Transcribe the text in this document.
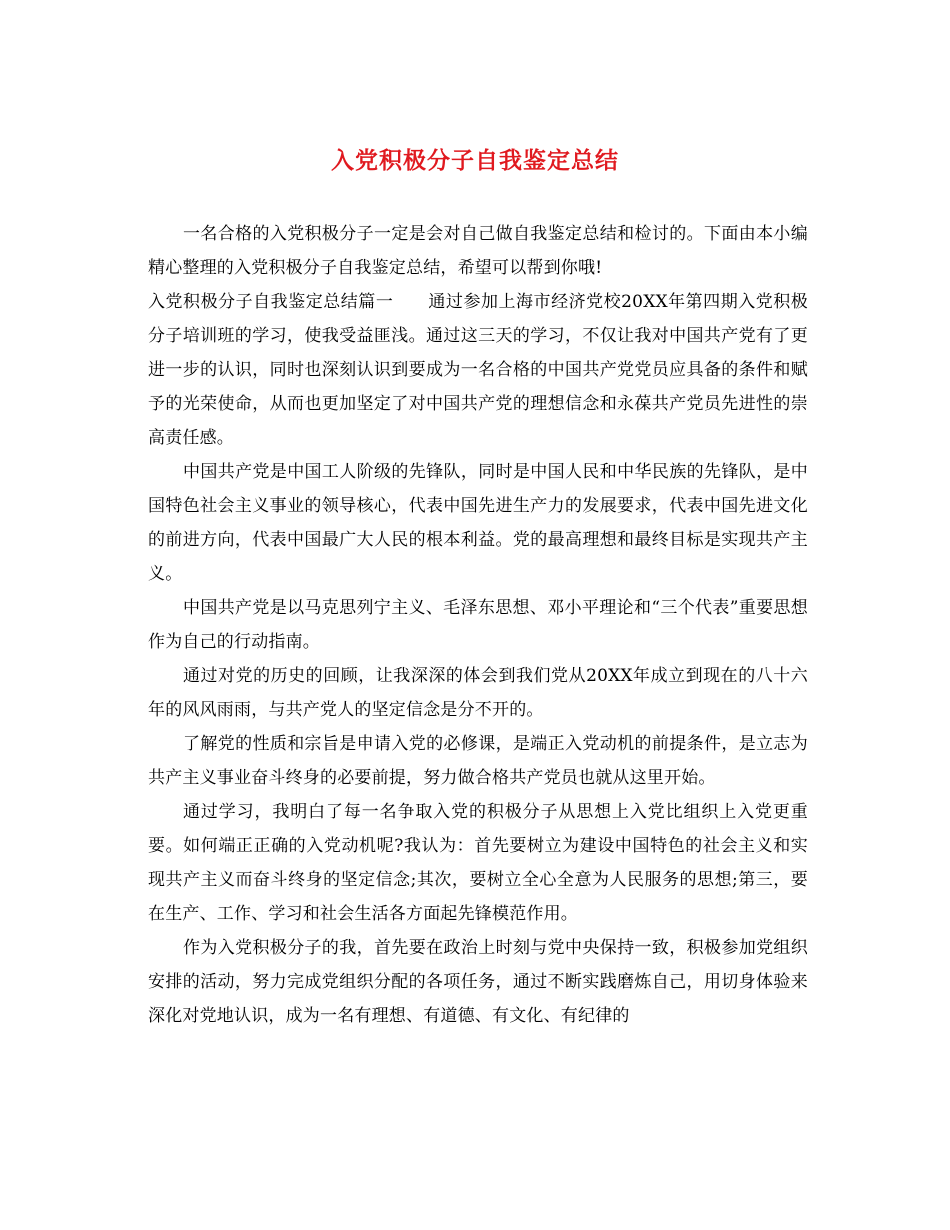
入党积极分子自我鉴定总结

一名合格的入党积极分子一定是会对自己做自我鉴定总结和检讨的。下面由本小编精心整理的入党积极分子自我鉴定总结，希望可以帮到你哦!

入党积极分子自我鉴定总结篇一　　通过参加上海市经济党校20XX年第四期入党积极分子培训班的学习，使我受益匪浅。通过这三天的学习，不仅让我对中国共产党有了更进一步的认识，同时也深刻认识到要成为一名合格的中国共产党党员应具备的条件和赋予的光荣使命，从而也更加坚定了对中国共产党的理想信念和永葆共产党员先进性的崇高责任感。

中国共产党是中国工人阶级的先锋队，同时是中国人民和中华民族的先锋队，是中国特色社会主义事业的领导核心，代表中国先进生产力的发展要求，代表中国先进文化的前进方向，代表中国最广大人民的根本利益。党的最高理想和最终目标是实现共产主义。

中国共产党是以马克思列宁主义、毛泽东思想、邓小平理论和“三个代表”重要思想作为自己的行动指南。

通过对党的历史的回顾，让我深深的体会到我们党从20XX年成立到现在的八十六年的风风雨雨，与共产党人的坚定信念是分不开的。

了解党的性质和宗旨是申请入党的必修课，是端正入党动机的前提条件，是立志为共产主义事业奋斗终身的必要前提，努力做合格共产党员也就从这里开始。

通过学习，我明白了每一名争取入党的积极分子从思想上入党比组织上入党更重要。如何端正正确的入党动机呢?我认为：首先要树立为建设中国特色的社会主义和实现共产主义而奋斗终身的坚定信念;其次，要树立全心全意为人民服务的思想;第三，要在生产、工作、学习和社会生活各方面起先锋模范作用。

作为入党积极分子的我，首先要在政治上时刻与党中央保持一致，积极参加党组织安排的活动，努力完成党组织分配的各项任务，通过不断实践磨炼自己，用切身体验来深化对党地认识，成为一名有理想、有道德、有文化、有纪律的
